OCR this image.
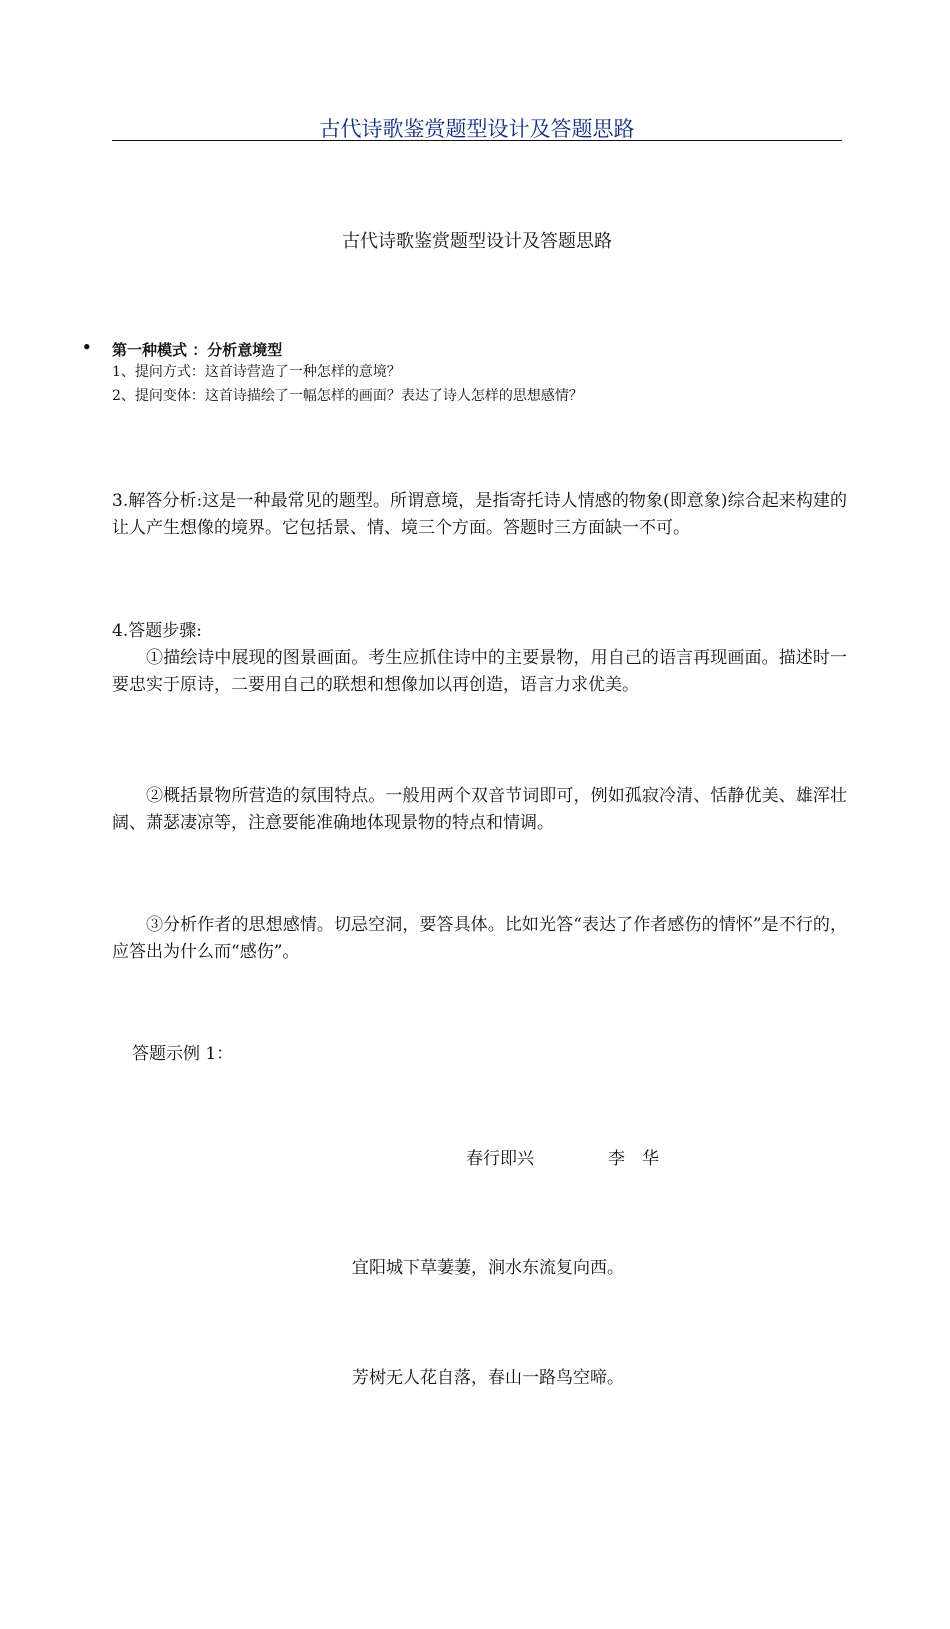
古代诗歌鉴赏题型设计及答题思路
古代诗歌鉴赏题型设计及答题思路
• 第一种模式 ：分析意境型
1、提问方式：这首诗营造了一种怎样的意境？
2、提问变体：这首诗描绘了一幅怎样的画面？表达了诗人怎样的思想感情？
3.解答分析:这是一种最常见的题型。所谓意境，是指寄托诗人情感的物象(即意象)综合起来构建的让人产生想像的境界。它包括景、情、境三个方面。答题时三方面缺一不可。
4.答题步骤:
①描绘诗中展现的图景画面。考生应抓住诗中的主要景物，用自己的语言再现画面。描述时一要忠实于原诗，二要用自己的联想和想像加以再创造，语言力求优美。
②概括景物所营造的氛围特点。一般用两个双音节词即可，例如孤寂冷清、恬静优美、雄浑壮阔、萧瑟凄凉等，注意要能准确地体现景物的特点和情调。
③分析作者的思想感情。切忌空洞，要答具体。比如光答“表达了作者感伤的情怀”是不行的，应答出为什么而“感伤”。
答题示例 1：
春行即兴	李　华
宜阳城下草萋萋，涧水东流复向西。
芳树无人花自落，春山一路鸟空啼。
